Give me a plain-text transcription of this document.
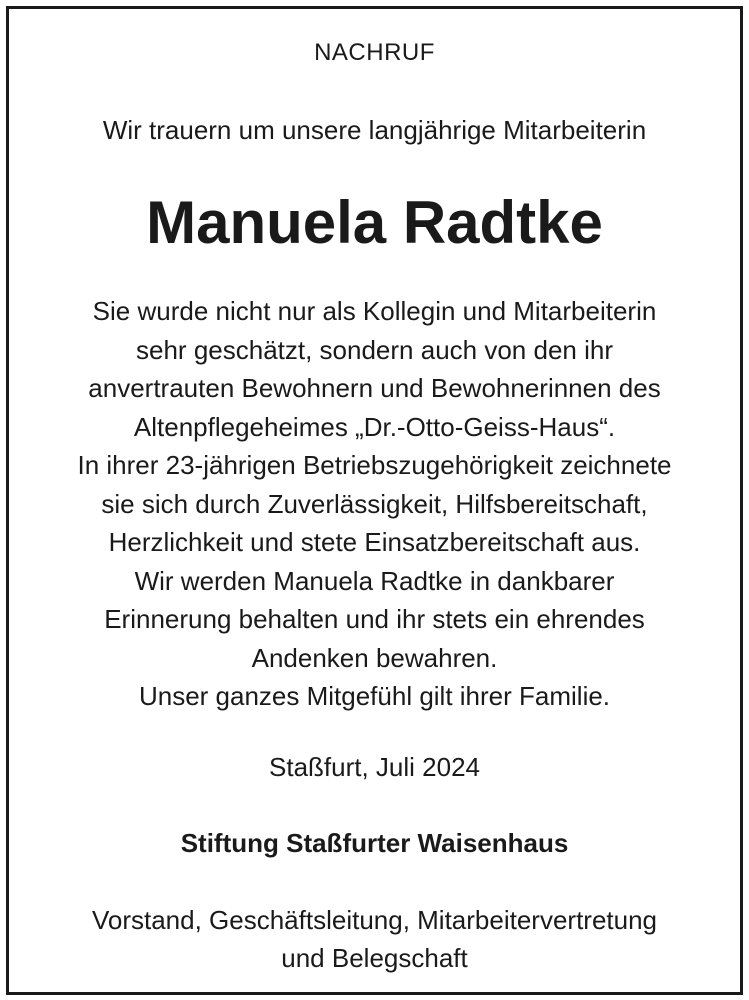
NACHRUF
Wir trauern um unsere langjährige Mitarbeiterin
Manuela Radtke
Sie wurde nicht nur als Kollegin und Mitarbeiterin
sehr geschätzt, sondern auch von den ihr
anvertrauten Bewohnern und Bewohnerinnen des
Altenpflegeheimes „Dr.-Otto-Geiss-Haus“.
In ihrer 23-jährigen Betriebszugehörigkeit zeichnete
sie sich durch Zuverlässigkeit, Hilfsbereitschaft,
Herzlichkeit und stete Einsatzbereitschaft aus.
Wir werden Manuela Radtke in dankbarer
Erinnerung behalten und ihr stets ein ehrendes
Andenken bewahren.
Unser ganzes Mitgefühl gilt ihrer Familie.
Staßfurt, Juli 2024
Stiftung Staßfurter Waisenhaus
Vorstand, Geschäftsleitung, Mitarbeitervertretung
und Belegschaft
